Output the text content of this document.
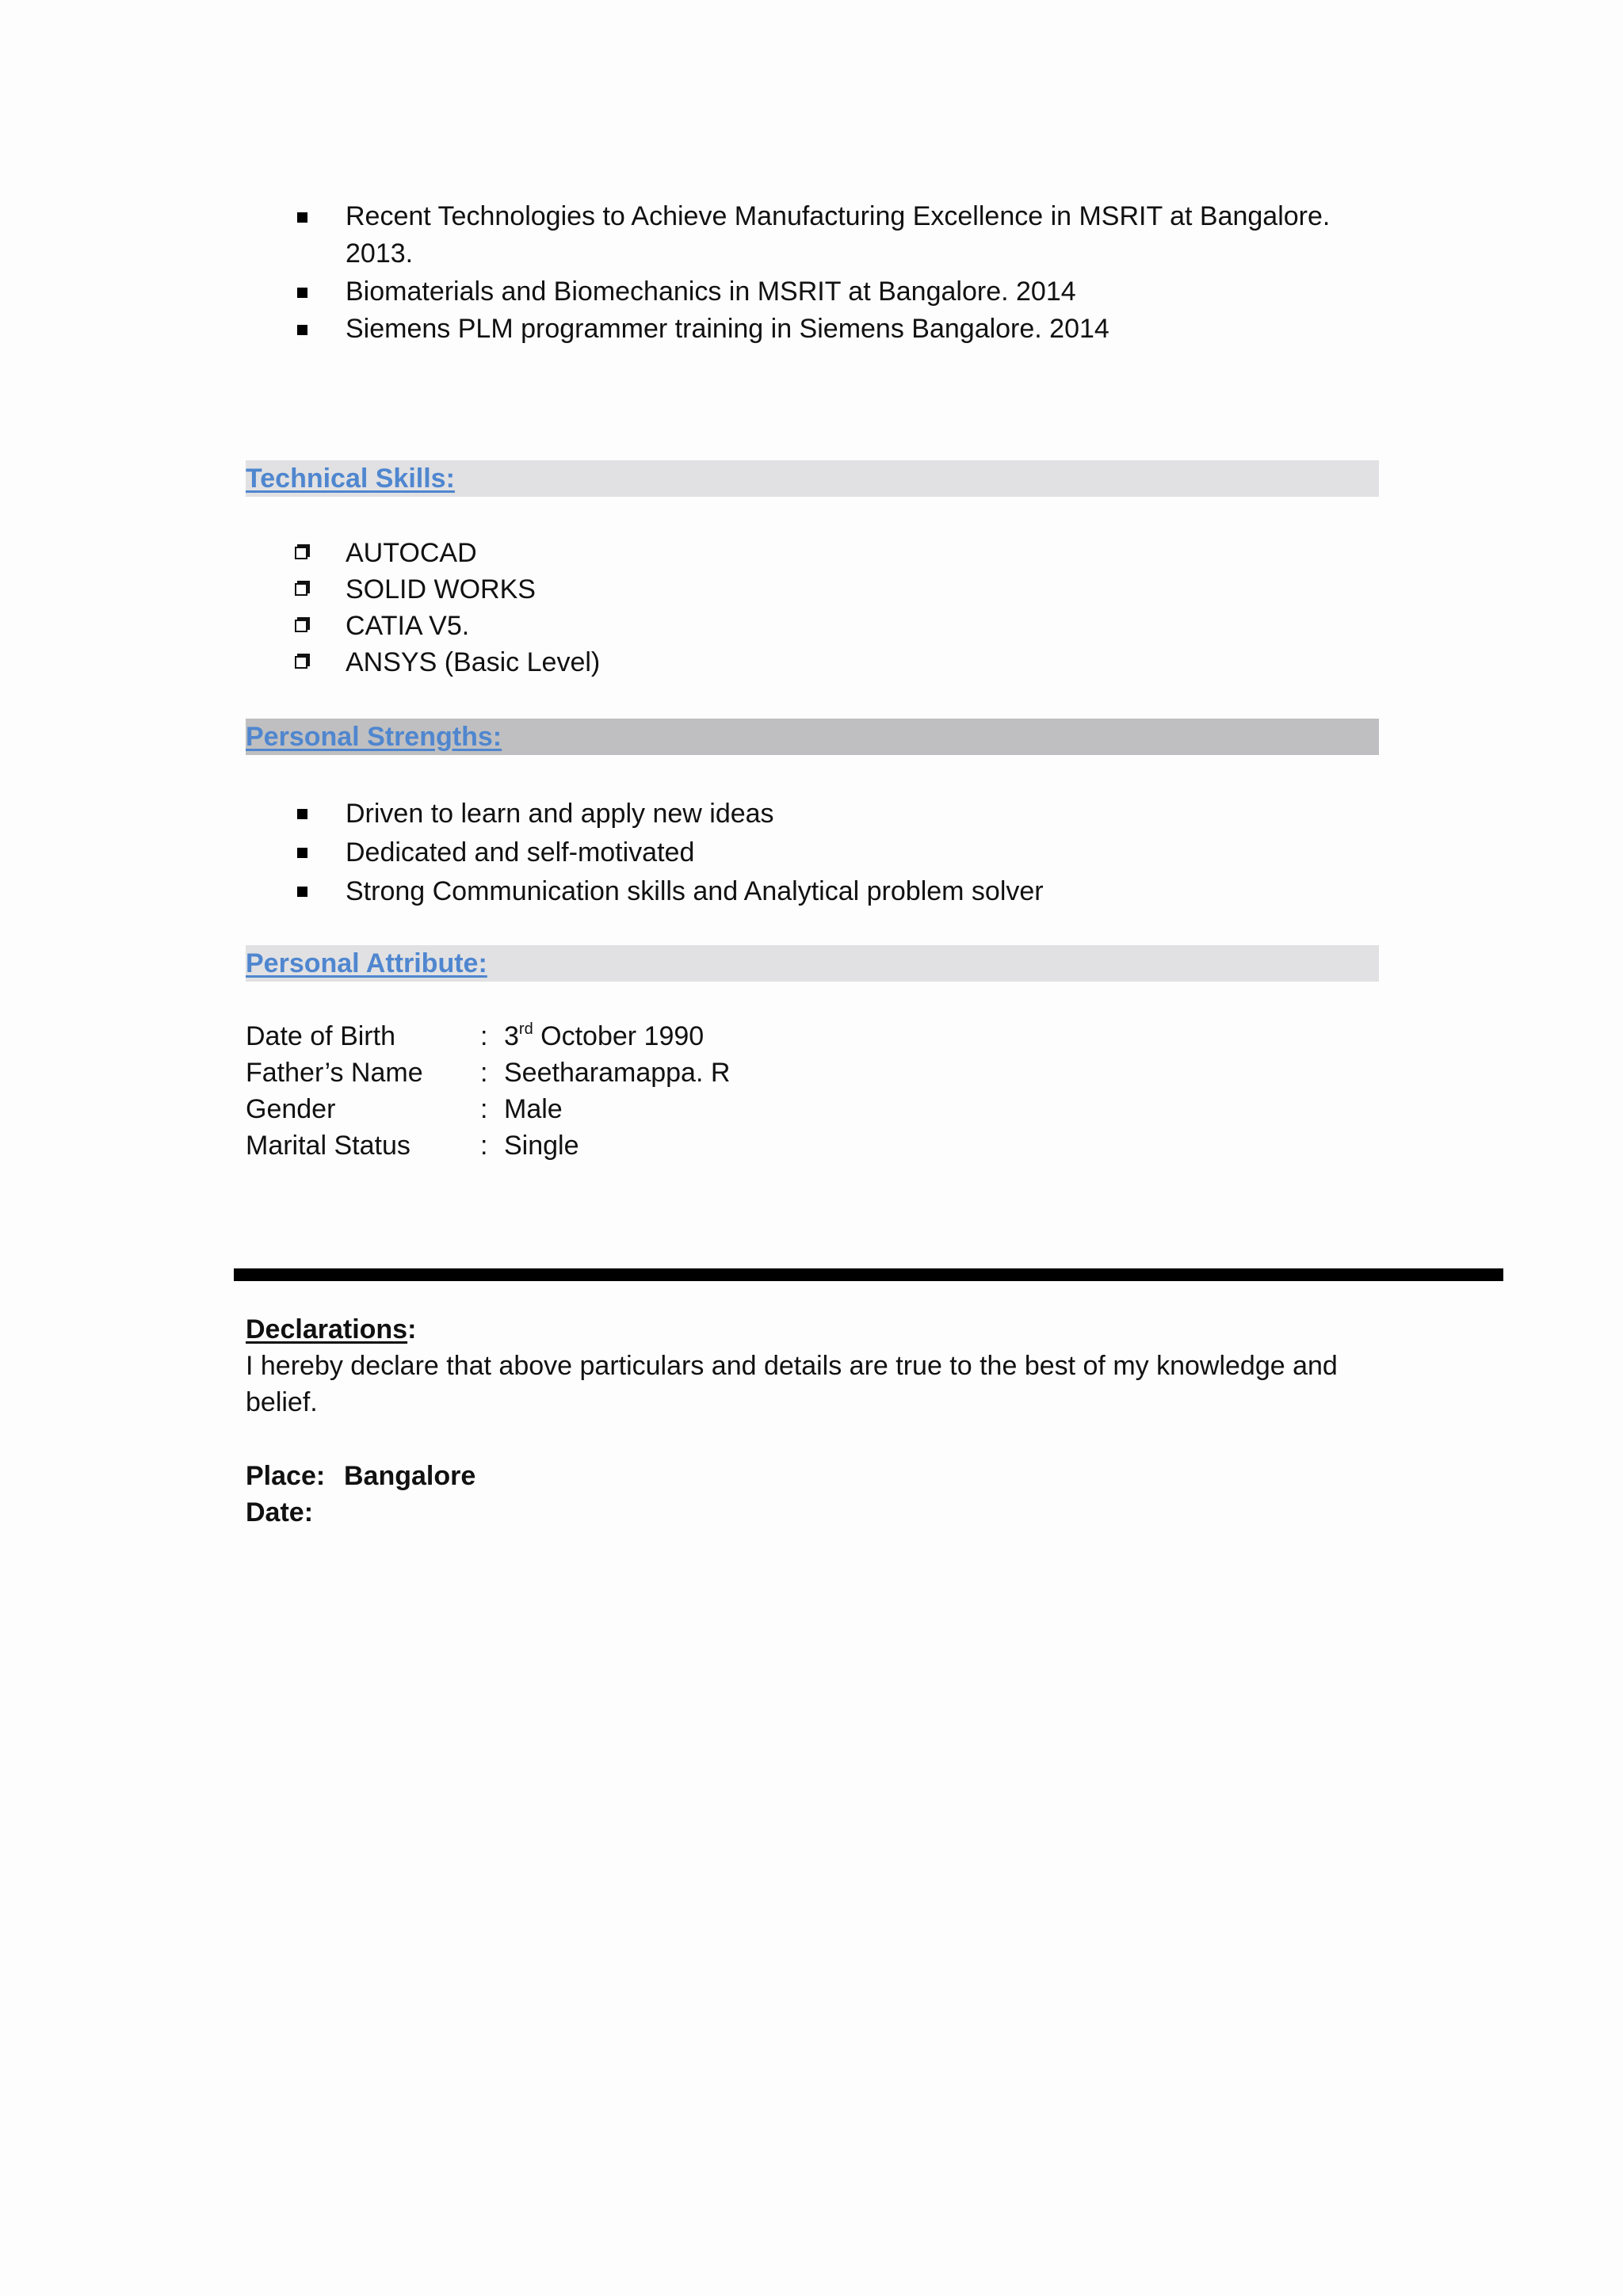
Recent Technologies to Achieve Manufacturing Excellence in MSRIT at Bangalore. 2013.
Biomaterials and Biomechanics in MSRIT at Bangalore. 2014
Siemens PLM programmer training in Siemens Bangalore. 2014
Technical Skills:
AUTOCAD
SOLID WORKS
CATIA V5.
ANSYS (Basic Level)
Personal Strengths:
Driven to learn and apply new ideas
Dedicated and self-motivated
Strong Communication skills and Analytical problem solver
Personal Attribute:
Date of Birth	: 3rd October 1990
Father’s Name : Seetharamappa. R
Gender	: Male
Marital Status	: Single
Declarations:
I hereby declare that above particulars and details are true to the best of my knowledge and belief.
Place: Bangalore
Date:
